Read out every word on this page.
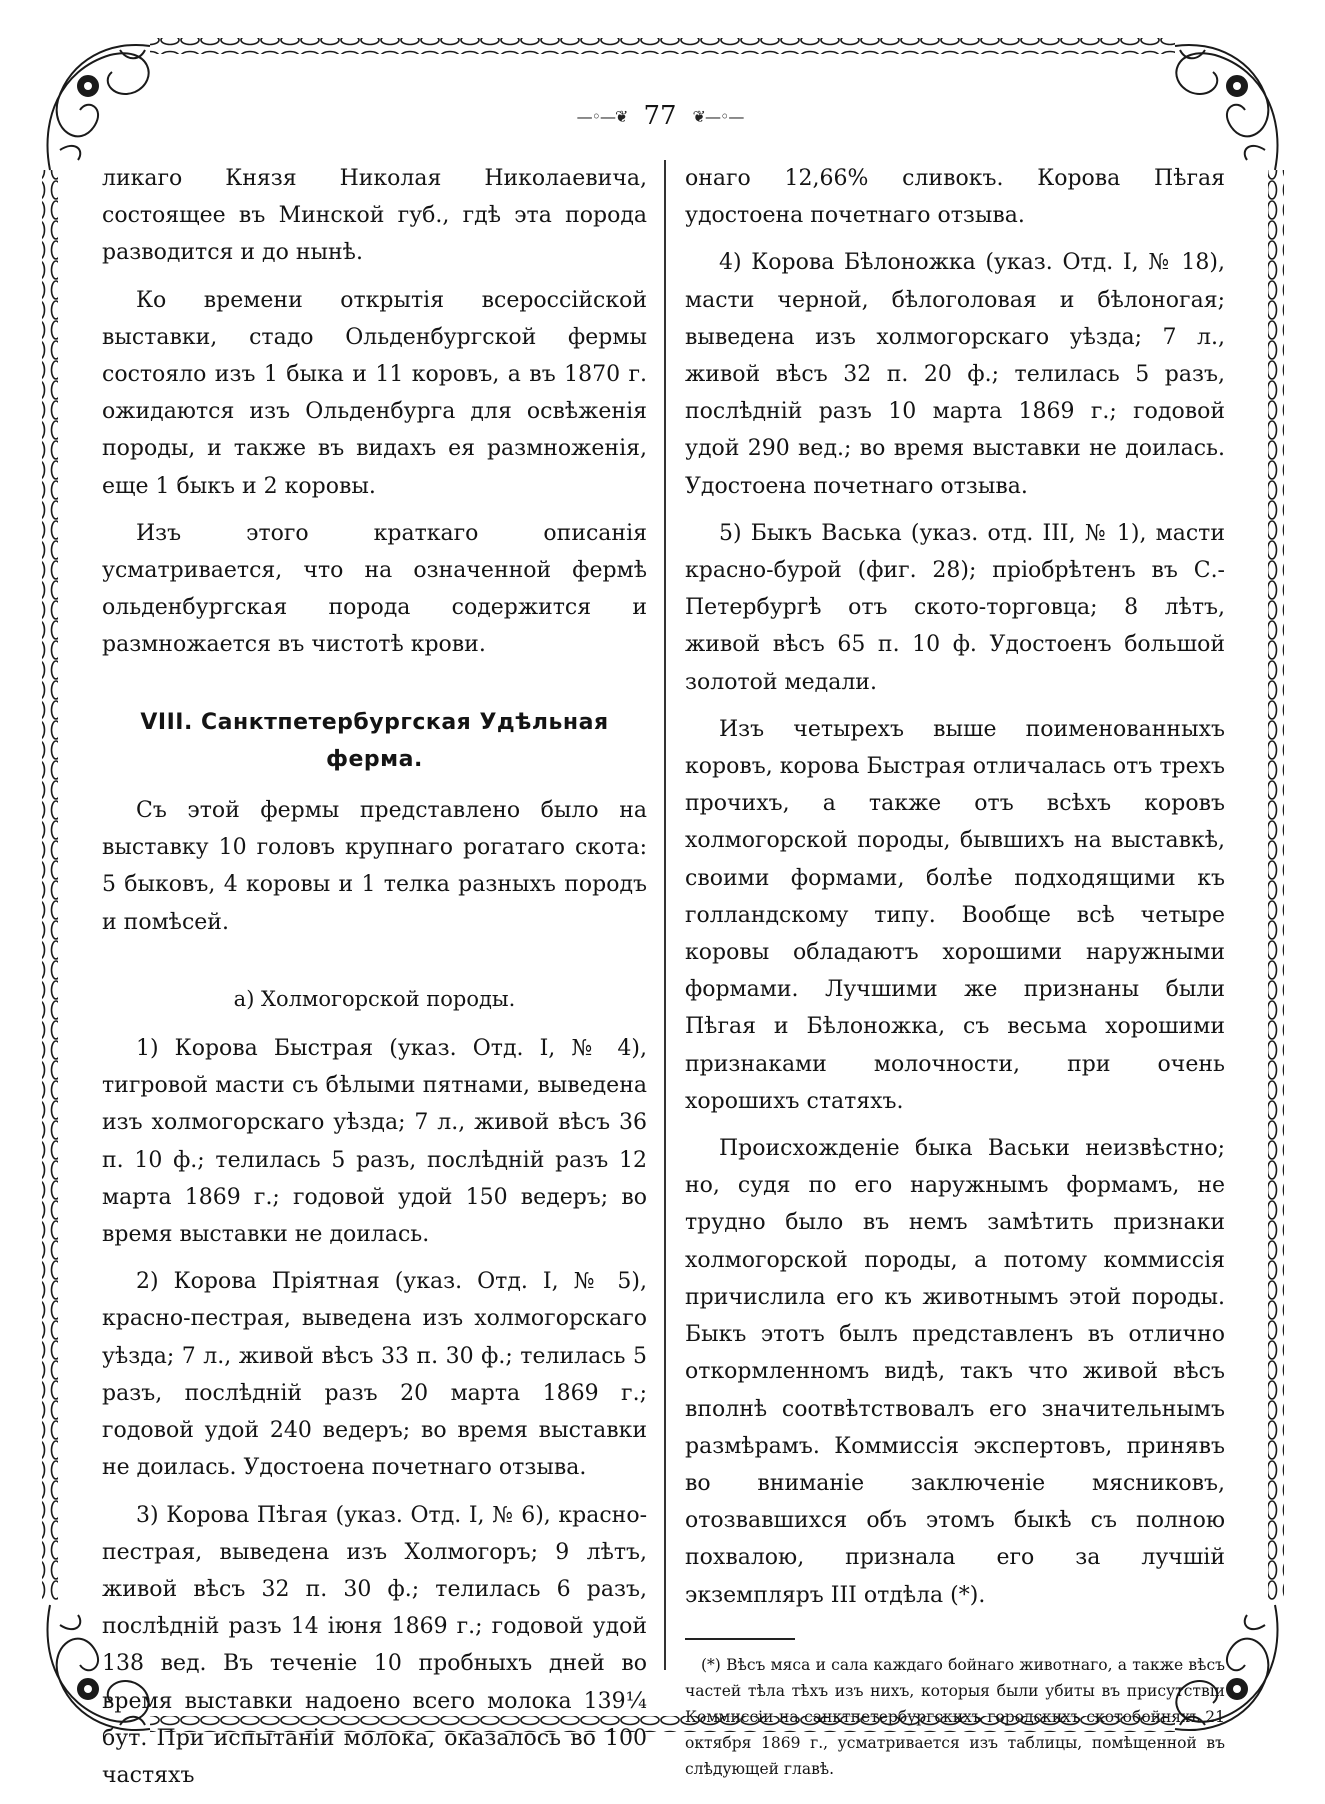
—◦—❦ 77	❦—◦—

ликаго Князя Николая Николаевича, состоящее въ Минской губ., гдѣ эта порода разводится и до нынѣ.

Ко времени открытія всероссійской выставки, стадо Ольденбургской фермы состояло изъ 1 быка и 11 коровъ, а въ 1870 г. ожидаются изъ Ольденбурга для освѣженія породы, и также въ видахъ ея размноженія, еще 1 быкъ и 2 коровы.

Изъ этого краткаго описанія усматривается, что на означенной фермѣ ольденбургская порода содержится и размножается въ чистотѣ крови.

VIII. Санктпетербургская Удѣльная ферма.

Съ этой фермы представлено было на выставку 10 головъ крупнаго рогатаго скота: 5 быковъ, 4 коровы и 1 телка разныхъ породъ и помѣсей.

а) Холмогорской породы.

1) Корова Быстрая (указ. Отд. I, № 4), тигровой масти съ бѣлыми пятнами, выведена изъ холмогорскаго уѣзда; 7 л., живой вѣсъ 36 п. 10 ф.; телилась 5 разъ, послѣдній разъ 12 марта 1869 г.; годовой удой 150 ведеръ; во время выставки не доилась.

2) Корова Пріятная (указ. Отд. I, № 5), красно-пестрая, выведена изъ холмогорскаго уѣзда; 7 л., живой вѣсъ 33 п. 30 ф.; телилась 5 разъ, послѣдній разъ 20 марта 1869 г.; годовой удой 240 ведеръ; во время выставки не доилась. Удостоена почетнаго отзыва.

3) Корова Пѣгая (указ. Отд. I, № 6), красно-пестрая, выведена изъ Холмогоръ; 9 лѣтъ, живой вѣсъ 32 п. 30 ф.; телилась 6 разъ, послѣдній разъ 14 іюня 1869 г.; годовой удой 138 вед. Въ теченіе 10 пробныхъ дней во время выставки надоено всего молока 139¼ бут. При испытаніи молока, оказалось во 100 частяхъ

онаго 12,66% сливокъ. Корова Пѣгая удостоена почетнаго отзыва.

4) Корова Бѣлоножка (указ. Отд. I, № 18), масти черной, бѣлоголовая и бѣлоногая; выведена изъ холмогорскаго уѣзда; 7 л., живой вѣсъ 32 п. 20 ф.; телилась 5 разъ, послѣдній разъ 10 марта 1869 г.; годовой удой 290 вед.; во время выставки не доилась. Удостоена почетнаго отзыва.

5) Быкъ Васька (указ. отд. III, № 1), масти красно-бурой (фиг. 28); пріобрѣтенъ въ С.-Петербургѣ отъ ското-торговца; 8 лѣтъ, живой вѣсъ 65 п. 10 ф. Удостоенъ большой золотой медали.

Изъ четырехъ выше поименованныхъ коровъ, корова Быстрая отличалась отъ трехъ прочихъ, а также отъ всѣхъ коровъ холмогорской породы, бывшихъ на выставкѣ, своими формами, болѣе подходящими къ голландскому типу. Вообще всѣ четыре коровы обладаютъ хорошими наружными формами. Лучшими же признаны были Пѣгая и Бѣлоножка, съ весьма хорошими признаками молочности, при очень хорошихъ статяхъ.

Происхожденіе быка Васьки неизвѣстно; но, судя по его наружнымъ формамъ, не трудно было въ немъ замѣтить признаки холмогорской породы, а потому коммиссія причислила его къ животнымъ этой породы. Быкъ этотъ былъ представленъ въ отлично откормленномъ видѣ, такъ что живой вѣсъ вполнѣ соотвѣтствовалъ его значительнымъ размѣрамъ. Коммиссія экспертовъ, принявъ во вниманіе заключеніе мясниковъ, отозвавшихся объ этомъ быкѣ съ полною похвалою, признала его за лучшій экземпляръ III отдѣла (*).

(*) Вѣсъ мяса и сала каждаго бойнаго животнаго, а также вѣсъ частей тѣла тѣхъ изъ нихъ, которыя были убиты въ присутствіи Коммиссіи на санктпетербургскихъ городскихъ скотобойняхъ 21 октября 1869 г., усматривается изъ таблицы, помѣщенной въ слѣдующей главѣ.
